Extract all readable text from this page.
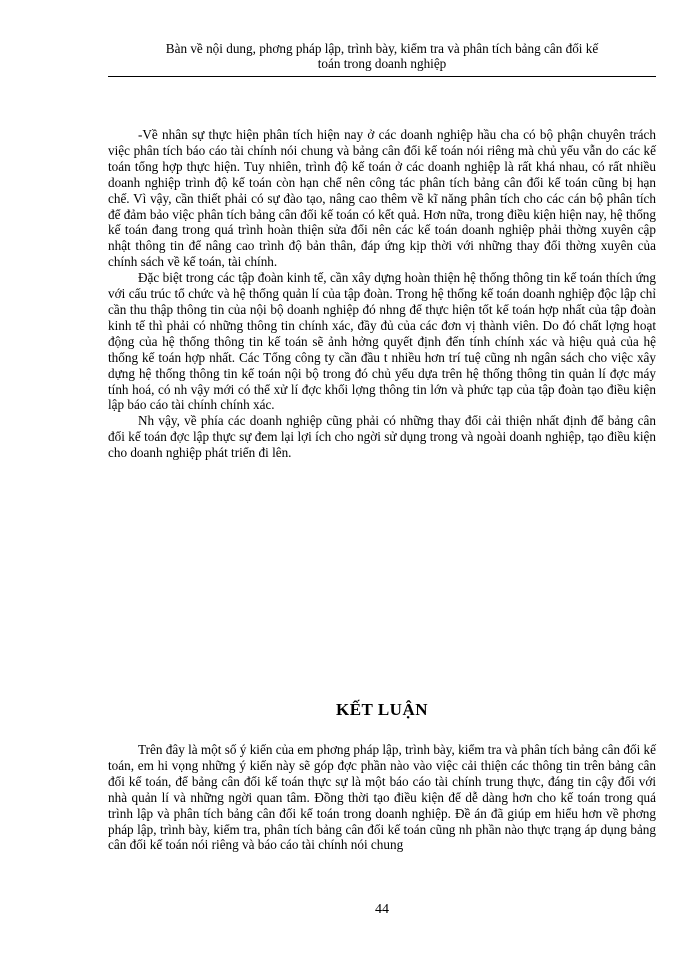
Bàn về nội dung, phơng pháp lập, trình bày, kiểm tra và phân tích bảng cân đối kế
toán trong doanh nghiệp

-Về nhân sự thực hiện phân tích hiện nay ở các doanh nghiệp hầu cha có bộ phận chuyên trách việc phân tích báo cáo tài chính nói chung và bảng cân đối kế toán nói riêng mà chủ yếu vẫn do các kế toán tổng hợp thực hiện. Tuy nhiên, trình độ kế toán ở các doanh nghiệp là rất khá nhau, có rất nhiều doanh nghiệp trình độ kế toán còn hạn chế nên công tác phân tích bảng cân đối kế toán cũng bị hạn chế. Vì vậy, cần thiết phải có sự đào tạo, nâng cao thêm về kĩ năng phân tích cho các cán bộ phân tích để đảm bảo việc phân tích bảng cân đối kế toán có kết quả. Hơn nữa, trong điều kiện hiện nay, hệ thống kế toán đang trong quá trình hoàn thiện sửa đổi nên các kế toán doanh nghiệp phải thờng xuyên cập nhật thông tin để nâng cao trình độ bản thân, đáp ứng kịp thời với những thay đổi thờng xuyên của chính sách về kế toán, tài chính.

Đặc biệt trong các tập đoàn kinh tế, cần xây dựng hoàn thiện hệ thống thông tin kế toán thích ứng với cấu trúc tổ chức và hệ thống quản lí của tập đoàn. Trong hệ thống kế toán doanh nghiệp độc lập chỉ cần thu thập thông tin của nội bộ doanh nghiệp đó nhng để thực hiện tốt kế toán hợp nhất của tập đoàn kinh tế thì phải có những thông tin chính xác, đầy đủ của các đơn vị thành viên. Do đó chất lợng hoạt động của hệ thống thông tin kế toán sẽ ảnh hởng quyết định đến tính chính xác và hiệu quả của hệ thống kế toán hợp nhất. Các Tổng công ty cần đầu t nhiều hơn trí tuệ cũng nh ngân sách cho việc xây dựng hệ thống thông tin kế toán nội bộ trong đó chủ yếu dựa trên hệ thống thông tin quản lí đợc máy tính hoá, có nh vậy mới có thể xử lí đợc khối lợng thông tin lớn và phức tạp của tập đoàn tạo điều kiện lập báo cáo tài chính chính xác.

Nh vậy, về phía các doanh nghiệp cũng phải có những thay đổi cải thiện nhất định để bảng cân đối kế toán đợc lập thực sự đem lại lợi ích cho ngời sử dụng trong và ngoài doanh nghiệp, tạo điều kiện cho doanh nghiệp phát triển đi lên.

KẾT LUẬN

Trên đây là một số ý kiến của em phơng pháp lập, trình bày, kiểm tra và phân tích bảng cân đối kế toán, em hi vọng những ý kiến này sẽ góp đợc phần nào vào việc cải thiện các thông tin trên bảng cân đối kế toán, để bảng cân đối kế toán thực sự là một báo cáo tài chính trung thực, đáng tin cậy đối với nhà quản lí và những ngời quan tâm. Đồng thời tạo điều kiện để dễ dàng hơn cho kế toán trong quá trình lập và phân tích bảng cân đối kế toán trong doanh nghiệp. Đề án đã giúp em hiểu hơn về phơng pháp lập, trình bày, kiểm tra, phân tích bảng cân đối kế toán cũng nh phần nào thực trạng áp dụng bảng cân đối kế toán nói riêng và báo cáo tài chính nói chung

44
